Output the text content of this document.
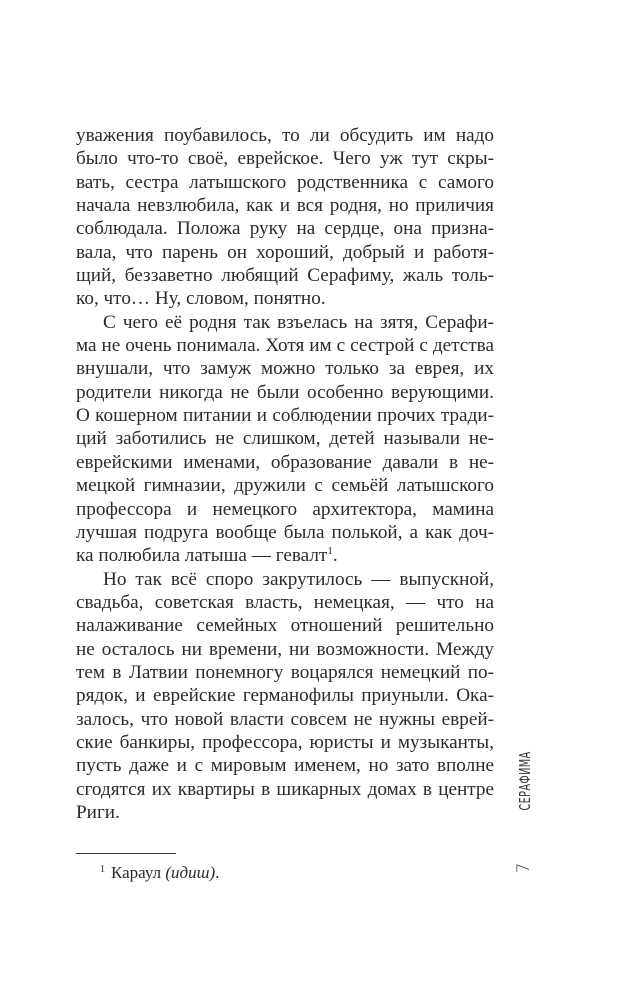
уважения поубавилось, то ли обсудить им надо
было что-то своё, еврейское. Чего уж тут скры-
вать, сестра латышского родственника с самого
начала невзлюбила, как и вся родня, но приличия
соблюдала. Положа руку на сердце, она призна-
вала, что парень он хороший, добрый и работя-
щий, беззаветно любящий Серафиму, жаль толь-
ко, что… Ну, словом, понятно.
С чего её родня так взъелась на зятя, Серафи-
ма не очень понимала. Хотя им с сестрой с детства
внушали, что замуж можно только за еврея, их
родители никогда не были особенно верующими.
О кошерном питании и соблюдении прочих тради-
ций заботились не слишком, детей называли не-
еврейскими именами, образование давали в не-
мецкой гимназии, дружили с семьёй латышского
профессора и немецкого архитектора, мамина
лучшая подруга вообще была полькой, а как доч-
ка полюбила латыша — гевалт$^1$.
Но так всё споро закрутилось — выпускной,
свадьба, советская власть, немецкая, — что на
налаживание семейных отношений решительно
не осталось ни времени, ни возможности. Между
тем в Латвии понемногу воцарялся немецкий по-
рядок, и еврейские германофилы приуныли. Ока-
залось, что новой власти совсем не нужны еврей-
ские банкиры, профессора, юристы и музыканты,
пусть даже и с мировым именем, но зато вполне
сгодятся их квартиры в шикарных домах в центре
Риги.
$^1$ Караул (идиш).
СЕРАФИМА
7
